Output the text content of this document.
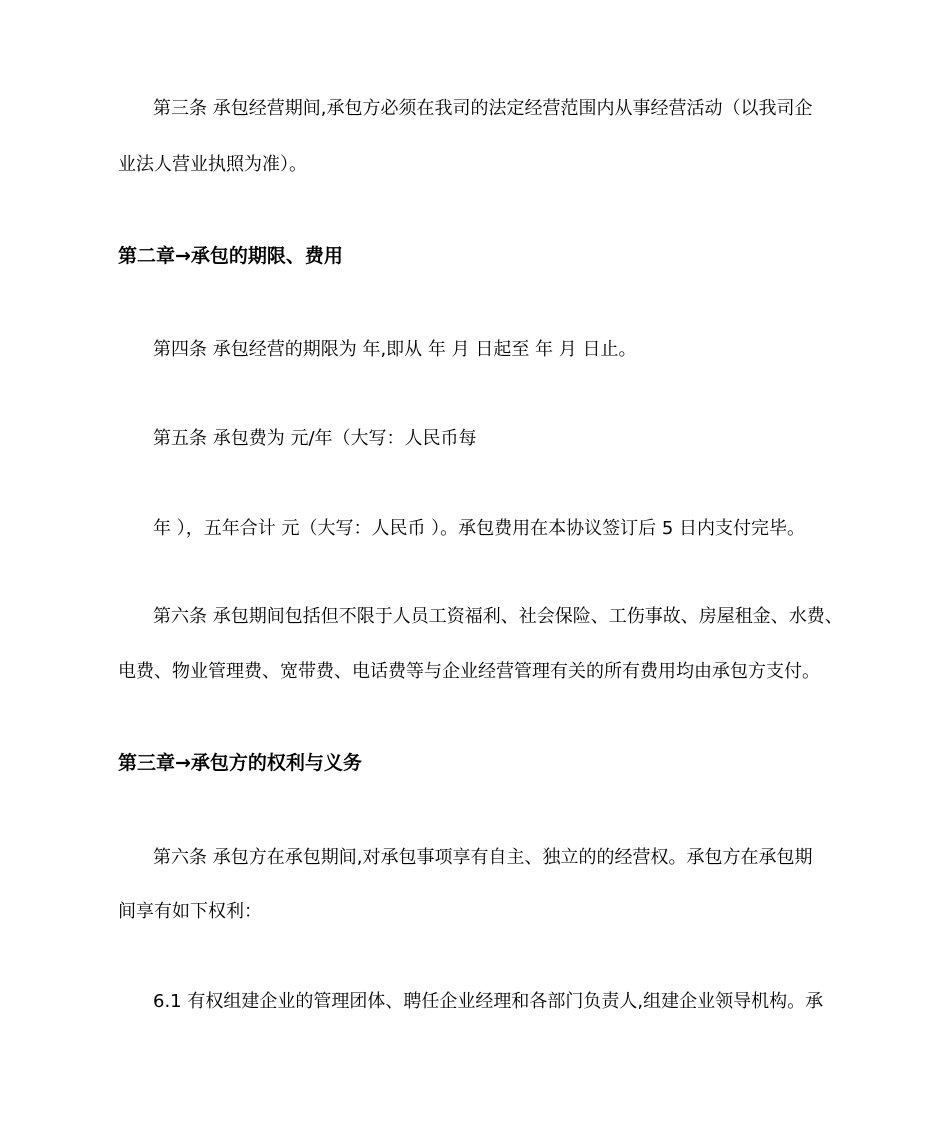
第三条 承包经营期间,承包方必须在我司的法定经营范围内从事经营活动（以我司企
业法人营业执照为准）。
第二章→承包的期限、费用
第四条 承包经营的期限为 年,即从 年 月 日起至 年 月 日止。
第五条 承包费为 元/年（大写：人民币每
年 ），五年合计 元（大写：人民币 ）。承包费用在本协议签订后 5 日内支付完毕。
第六条 承包期间包括但不限于人员工资福利、社会保险、工伤事故、房屋租金、水费、
电费、物业管理费、宽带费、电话费等与企业经营管理有关的所有费用均由承包方支付。
第三章→承包方的权利与义务
第六条 承包方在承包期间,对承包事项享有自主、独立的的经营权。承包方在承包期
间享有如下权利：
6.1 有权组建企业的管理团体、聘任企业经理和各部门负责人,组建企业领导机构。承
